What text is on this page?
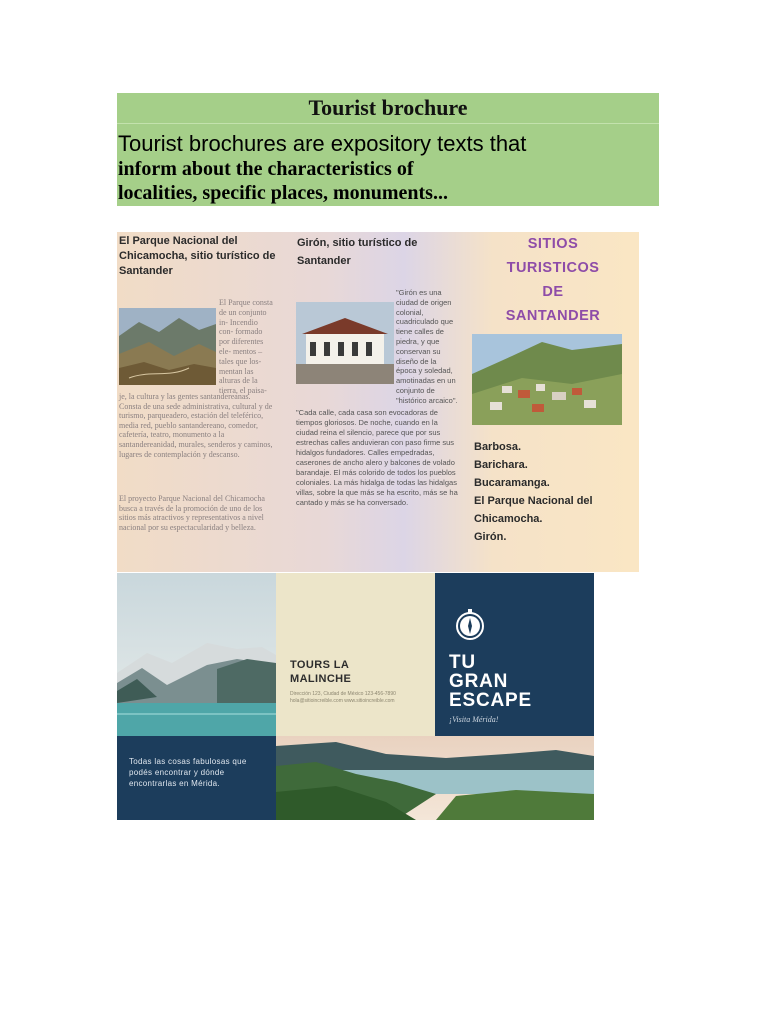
Tourist brochure
Tourist brochures are expository texts that
inform about the characteristics of
localities, specific places, monuments...
El Parque Nacional del Chicamocha, sitio turístico de Santander
El Parque consta de un conjunto in- Incendio con- formado por diferentes ele- mentos – tales que los- mentan las alturas de la tierra, el paisa-
je, la cultura y las gentes santandereanas. Consta de una sede administrativa, cultural y de turismo, parqueadero, estación del teleférico, media red, pueblo santandereano, comedor, cafetería, teatro, monumento a la santandereanidad, murales, senderos y caminos, lugares de contemplación y descanso.
El proyecto Parque Nacional del Chicamocha busca a través de la promoción de uno de los sitios más atractivos y representativos a nivel nacional por su espectacularidad y belleza.
Girón, sitio turístico de Santander
"Girón es una ciudad de origen colonial, cuadriculado que tiene calles de piedra, y que conservan su diseño de la época y soledad, amotinadas en un conjunto de "histórico arcaico".
"Cada calle, cada casa son evocadoras de tiempos gloriosos. De noche, cuando en la ciudad reina el silencio, parece que por sus estrechas calles anduvieran con paso firme sus hidalgos fundadores. Calles empedradas, caserones de ancho alero y balcones de volado barandaje. El más colorido de todos los pueblos coloniales. La más hidalga de todas las hidalgas villas, sobre la que más se ha escrito, más se ha cantado y más se ha conversado.
SITIOS
TURISTICOS
DE
SANTANDER
Barbosa.
Barichara.
Bucaramanga.
El Parque Nacional del
Chicamocha.
Girón.
TOURS LA
MALINCHE
Dirección 123, Ciudad de México 123-456-7890 hola@sitioincreible.com www.sitioincreible.com
TU
GRAN
ESCAPE
¡Visita Mérida!
Todas las cosas fabulosas que podés encontrar y dónde encontrarlas en Mérida.
